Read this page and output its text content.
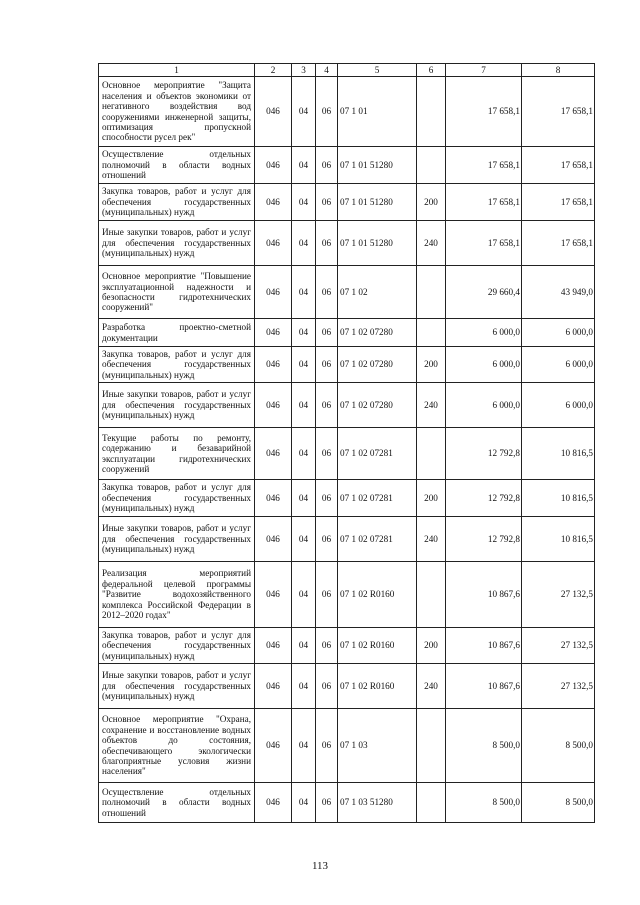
1	2	3	4	5	6	7	8
Основное мероприятие "Защита населения и объектов экономики от негативного воздействия вод сооружениями инженерной защиты, оптимизация пропускной способности русел рек"	046	04	06	07 1 01		17 658,1	17 658,1
Осуществление отдельных полномочий в области водных отношений	046	04	06	07 1 01 51280		17 658,1	17 658,1
Закупка товаров, работ и услуг для обеспечения государственных (муниципальных) нужд	046	04	06	07 1 01 51280	200	17 658,1	17 658,1
Иные закупки товаров, работ и услуг для обеспечения государственных (муниципальных) нужд	046	04	06	07 1 01 51280	240	17 658,1	17 658,1
Основное мероприятие "Повышение эксплуатационной надежности и безопасности гидротехнических сооружений"	046	04	06	07 1 02		29 660,4	43 949,0
Разработка проектно-сметной документации	046	04	06	07 1 02 07280		6 000,0	6 000,0
Закупка товаров, работ и услуг для обеспечения государственных (муниципальных) нужд	046	04	06	07 1 02 07280	200	6 000,0	6 000,0
Иные закупки товаров, работ и услуг для обеспечения государственных (муниципальных) нужд	046	04	06	07 1 02 07280	240	6 000,0	6 000,0
Текущие работы по ремонту, содержанию и безаварийной эксплуатации гидротехнических сооружений	046	04	06	07 1 02 07281		12 792,8	10 816,5
Закупка товаров, работ и услуг для обеспечения государственных (муниципальных) нужд	046	04	06	07 1 02 07281	200	12 792,8	10 816,5
Иные закупки товаров, работ и услуг для обеспечения государственных (муниципальных) нужд	046	04	06	07 1 02 07281	240	12 792,8	10 816,5
Реализация мероприятий федеральной целевой программы "Развитие водохозяйственного комплекса Российской Федерации в 2012–2020 годах"	046	04	06	07 1 02 R0160		10 867,6	27 132,5
Закупка товаров, работ и услуг для обеспечения государственных (муниципальных) нужд	046	04	06	07 1 02 R0160	200	10 867,6	27 132,5
Иные закупки товаров, работ и услуг для обеспечения государственных (муниципальных) нужд	046	04	06	07 1 02 R0160	240	10 867,6	27 132,5
Основное мероприятие "Охрана, сохранение и восстановление водных объектов до состояния, обеспечивающего экологически благоприятные условия жизни населения"	046	04	06	07 1 03		8 500,0	8 500,0
Осуществление отдельных полномочий в области водных отношений	046	04	06	07 1 03 51280		8 500,0	8 500,0
113
